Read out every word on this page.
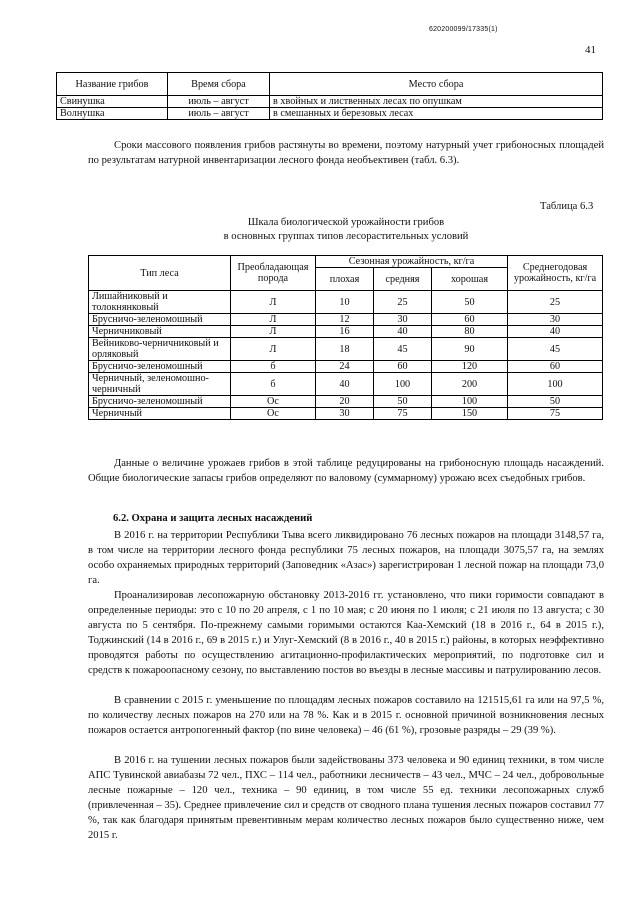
620200099/17335(1)
41
Название грибов	Время сбора	Место сбора
Свинушка	июль – август	в хвойных и лиственных лесах по опушкам
Волнушка	июль – август	в смешанных и березовых лесах

Сроки массового появления грибов растянуты во времени, поэтому натурный учет грибоносных площадей по результатам натурной инвентаризации лесного фонда необъективен (табл. 6.3).

Таблица 6.3
Шкала биологической урожайности грибов
в основных группах типов лесорастительных условий
Тип леса	Преобладающая порода	Сезонная урожайность, кг/га			Среднегодовая урожайность, кг/га
		плохая	средняя	хорошая	
Лишайниковый и толокнянковый	Л	10	25	50	25
Брусничо-зеленомошный	Л	12	30	60	30
Черничниковый	Л	16	40	80	40
Вейниково-черничниковый и орляковый	Л	18	45	90	45
Брусничо-зеленомошный	б	24	60	120	60
Черничный, зеленомошно-черничный	б	40	100	200	100
Брусничо-зеленомошный	Ос	20	50	100	50
Черничный	Ос	30	75	150	75

Данные о величине урожаев грибов в этой таблице редуцированы на грибоносную площадь насаждений. Общие биологические запасы грибов определяют по валовому (суммарному) урожаю всех съедобных грибов.

6.2. Охрана и защита лесных насаждений

В 2016 г. на территории Республики Тыва всего ликвидировано 76 лесных пожаров на площади 3148,57 га, в том числе на территории лесного фонда республики 75 лесных пожаров, на площади 3075,57 га, на землях особо охраняемых природных территорий (Заповедник «Азас») зарегистрирован 1 лесной пожар на площади 73,0 га.

Проанализировав лесопожарную обстановку 2013-2016 гг. установлено, что пики горимости совпадают в определенные периоды: это с 10 по 20 апреля, с 1 по 10 мая; с 20 июня по 1 июля; с 21 июля по 13 августа; с 30 августа по 5 сентября. По-прежнему самыми горимыми остаются Каа-Хемский (18 в 2016 г., 64 в 2015 г.), Тоджинский (14 в 2016 г., 69 в 2015 г.) и Улуг-Хемский (8 в 2016 г., 40 в 2015 г.) районы, в которых неэффективно проводятся работы по осуществлению агитационно-профилактических мероприятий, по подготовке сил и средств к пожароопасному сезону, по выставлению постов во въезды в лесные массивы и патрулированию лесов.

В сравнении с 2015 г. уменьшение по площадям лесных пожаров составило на 121515,61 га или на 97,5 %, по количеству лесных пожаров на 270 или на 78 %. Как и в 2015 г. основной причиной возникновения лесных пожаров остается антропогенный фактор (по вине человека) – 46 (61 %), грозовые разряды – 29 (39 %).

В 2016 г. на тушении лесных пожаров были задействованы 373 человека и 90 единиц техники, в том числе АПС Тувинской авиабазы 72 чел., ПХС – 114 чел., работники лесничеств – 43 чел., МЧС – 24 чел., добровольные лесные пожарные – 120 чел., техника – 90 единиц, в том числе 55 ед. техники лесопожарных служб (привлеченная – 35). Среднее привлечение сил и средств от сводного плана тушения лесных пожаров составил 77 %, так как благодаря принятым превентивным мерам количество лесных пожаров было существенно ниже, чем 2015 г.
